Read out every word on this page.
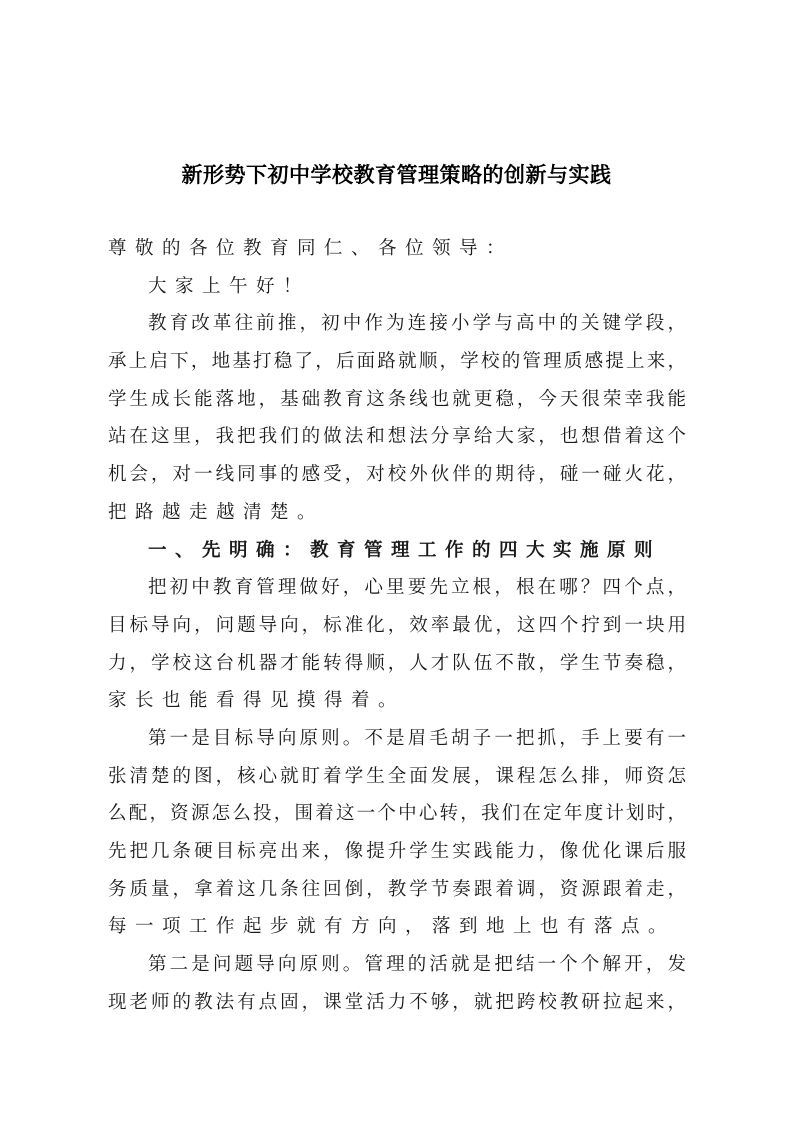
新形势下初中学校教育管理策略的创新与实践
尊敬的各位教育同仁、各位领导：
大家上午好！
教育改革往前推，初中作为连接小学与高中的关键学段，
承上启下，地基打稳了，后面路就顺，学校的管理质感提上来，
学生成长能落地，基础教育这条线也就更稳，今天很荣幸我能
站在这里，我把我们的做法和想法分享给大家，也想借着这个
机会，对一线同事的感受，对校外伙伴的期待，碰一碰火花，
把路越走越清楚。
一、先明确：教育管理工作的四大实施原则
把初中教育管理做好，心里要先立根，根在哪？四个点，
目标导向，问题导向，标准化，效率最优，这四个拧到一块用
力，学校这台机器才能转得顺，人才队伍不散，学生节奏稳，
家长也能看得见摸得着。
第一是目标导向原则。不是眉毛胡子一把抓，手上要有一
张清楚的图，核心就盯着学生全面发展，课程怎么排，师资怎
么配，资源怎么投，围着这一个中心转，我们在定年度计划时，
先把几条硬目标亮出来，像提升学生实践能力，像优化课后服
务质量，拿着这几条往回倒，教学节奏跟着调，资源跟着走，
每一项工作起步就有方向，落到地上也有落点。
第二是问题导向原则。管理的活就是把结一个个解开，发
现老师的教法有点固，课堂活力不够，就把跨校教研拉起来，
